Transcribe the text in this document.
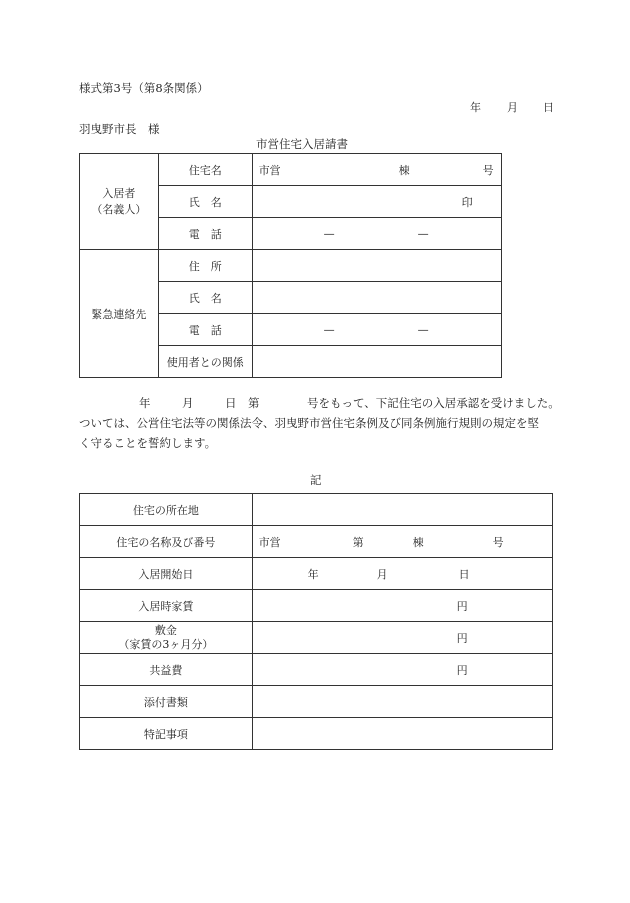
様式第3号（第8条関係）
年 月 日
羽曳野市長　様
市営住宅入居請書
入居者
（名義人）	住宅名	市営 棟 号

	氏　名	印

	電　話	— —

緊急連絡先	住　所	
	氏　名	
	電　話	— —

	使用者との関係	
年	月	日　第	号をもって、下記住宅の入居承認を受けました。
ついては、公営住宅法等の関係法令、羽曳野市営住宅条例及び同条例施行規則の規定を堅
く守ることを誓約します。
記
住宅の所在地	
住宅の名称及び番号	市営 第 棟 号

入居開始日	年 月 日

入居時家賃	円

敷金
（家賃の3ヶ月分）	円

共益費	円

添付書類	
特記事項	
